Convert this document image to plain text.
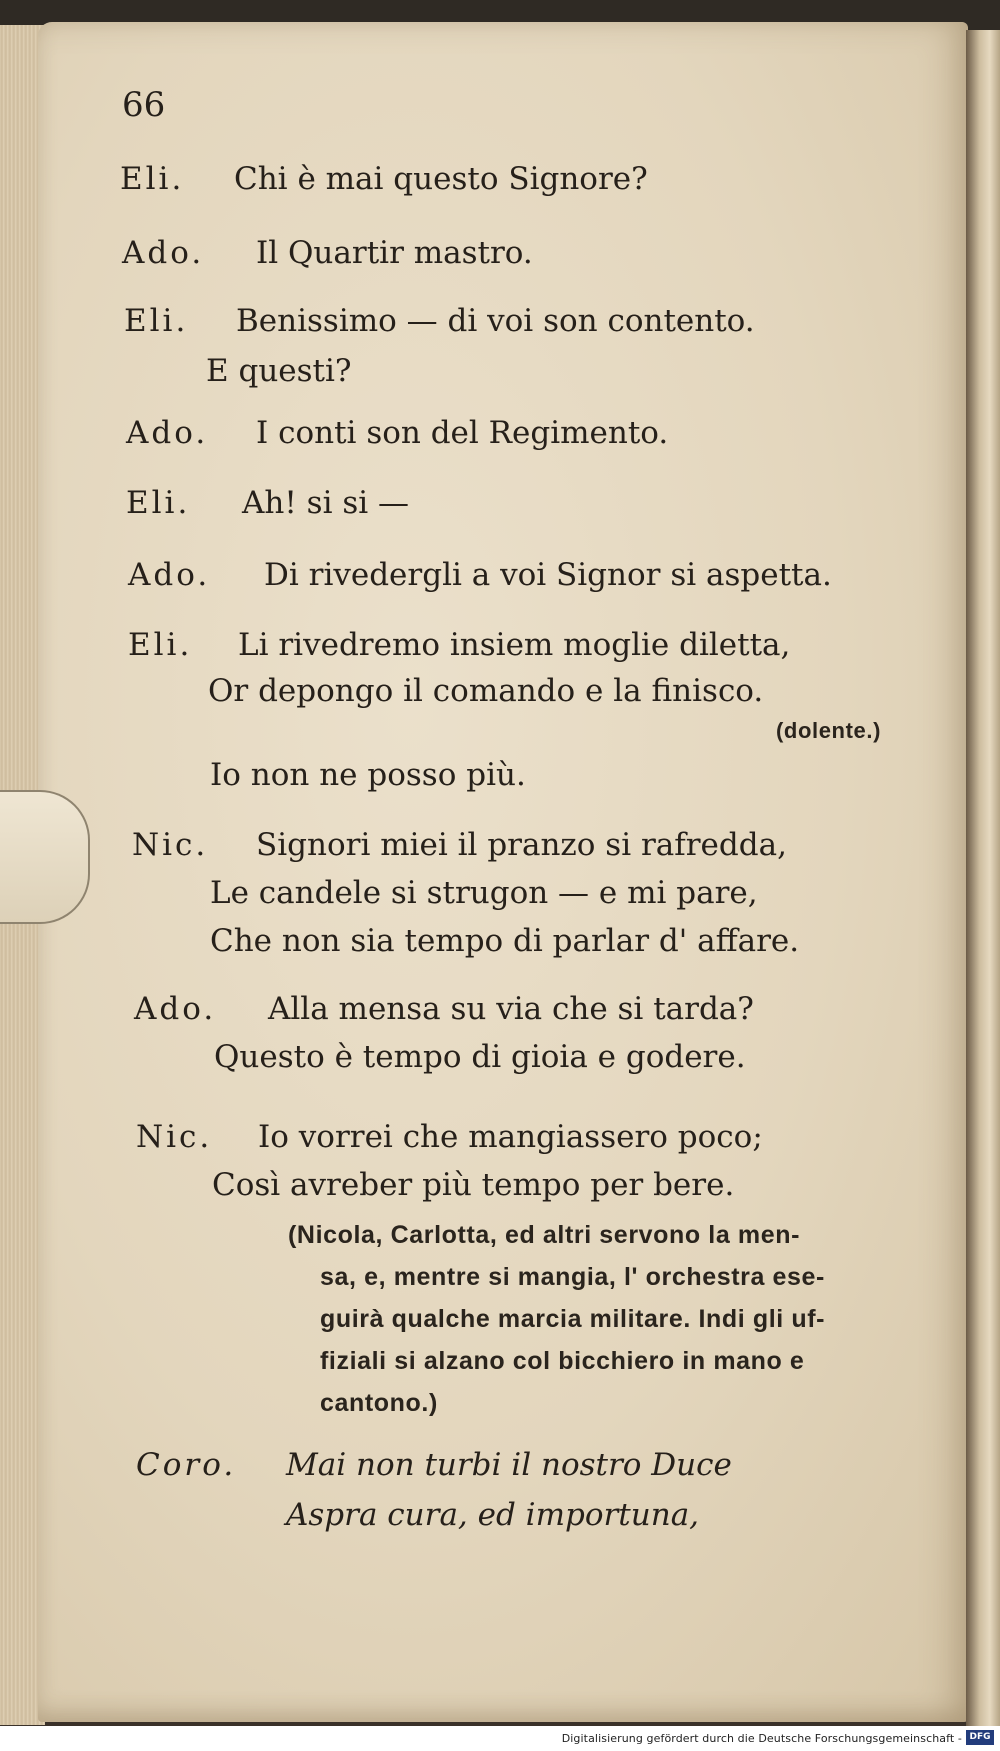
66
Eli. Chi è mai questo Signore?
Ado. Il Quartir mastro.
Eli. Benissimo — di voi son contento.
E questi?
Ado. I conti son del Regimento.
Eli. Ah! si si —
Ado. Di rivedergli a voi Signor si aspetta.
Eli. Li rivedremo insiem moglie diletta,
Or depongo il comando e la finisco.
(dolente.)
Io non ne posso più.
Nic. Signori miei il pranzo si rafredda,
Le candele si strugon — e mi pare,
Che non sia tempo di parlar d' affare.
Ado. Alla mensa su via che si tarda?
Questo è tempo di gioia e godere.
Nic. Io vorrei che mangiassero poco;
Così avreber più tempo per bere.
(Nicola, Carlotta, ed altri servono la men-
sa, e, mentre si mangia, l' orchestra ese-
guirà qualche marcia militare. Indi gli uf-
fiziali si alzano col bicchiero in mano e
cantono.)
Coro. Mai non turbi il nostro Duce
Aspra cura, ed importuna,
Digitalisierung gefördert durch die Deutsche Forschungsgemeinschaft - DFG
